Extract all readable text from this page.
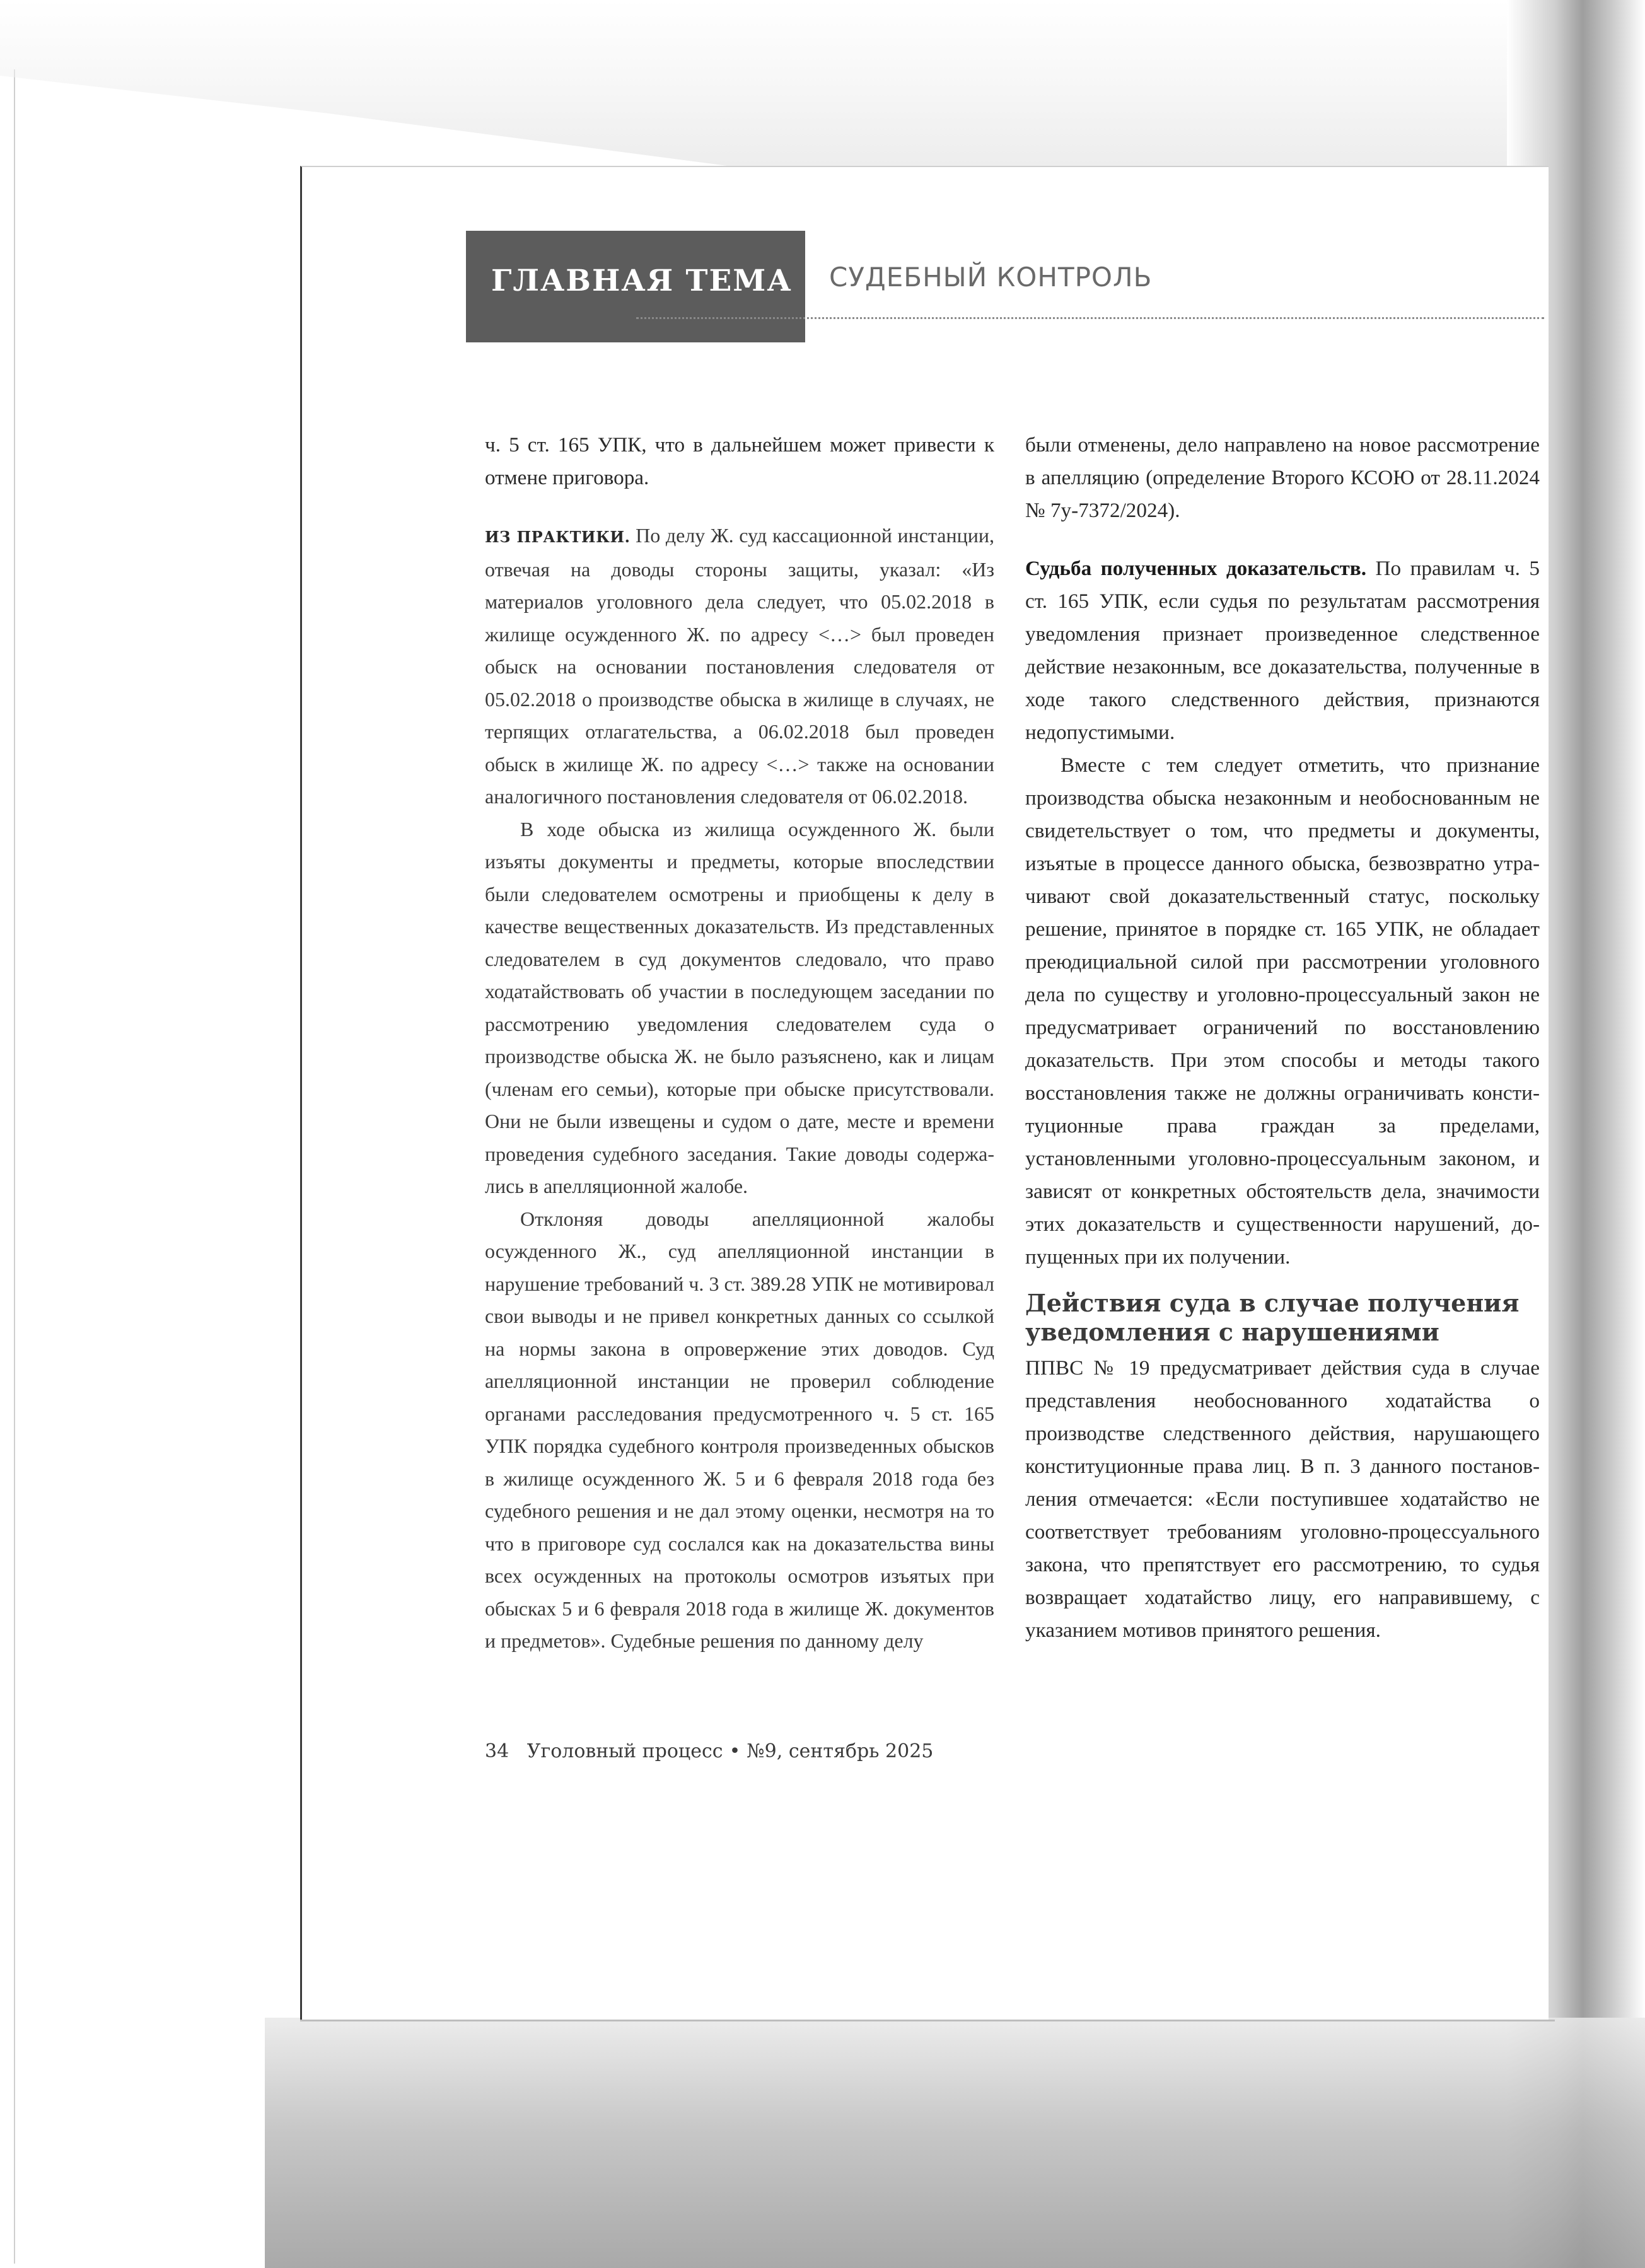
ГЛАВНАЯ ТЕМА СУДЕБНЫЙ КОНТРОЛЬ

ч. 5 ст. 165 УПК, что в дальнейшем может привести к отмене приговора.

ИЗ ПРАКТИКИ. По делу Ж. суд кассационной инстанции, отвечая на доводы стороны защиты, указал: «Из материалов уголовного дела следует, что 05.02.2018 в жилище осужденного Ж. по адресу <…> был проведен обыск на основании постановления следователя от 05.02.2018 о производстве обыска в жилище в случаях, не терпящих отлагательства, а 06.02.2018 был проведен обыск в жилище Ж. по адресу <…> также на основании аналогичного постановления следователя от 06.02.2018.

В ходе обыска из жилища осужденного Ж. были изъяты документы и предметы, которые впоследствии были следователем осмотрены и приобщены к делу в качестве вещественных доказательств. Из представленных следователем в суд документов следовало, что право ходатайствовать об участии в последующем заседании по рассмотрению уведомления следователем суда о производстве обыска Ж. не было разъяснено, как и лицам (членам его семьи), которые при обыске присутствовали. Они не были извещены и судом о дате, месте и времени проведения судебного заседания. Такие доводы содержались в апелляционной жалобе.

Отклоняя доводы апелляционной жалобы осужденного Ж., суд апелляционной инстанции в нарушение требований ч. 3 ст. 389.28 УПК не мотивировал свои выводы и не привел конкретных данных со ссылкой на нормы закона в опровержение этих доводов. Суд апелляционной инстанции не проверил соблюдение органами расследования предусмотренного ч. 5 ст. 165 УПК порядка судебного контроля произведенных обысков в жилище осужденного Ж. 5 и 6 февраля 2018 года без судебного решения и не дал этому оценки, несмотря на то что в приговоре суд сослался как на доказательства вины всех осужденных на протоколы осмотров изъятых при обысках 5 и 6 февраля 2018 года в жилище Ж. документов и предметов». Судебные решения по данному делу

были отменены, дело направлено на новое рассмотрение в апелляцию (определение Второго КСОЮ от 28.11.2024 № 7у-7372/2024).

Судьба полученных доказательств. По правилам ч. 5 ст. 165 УПК, если судья по результатам рассмотрения уведомления признает произведенное следственное действие незаконным, все доказательства, полученные в ходе такого следственного действия, признаются недопустимыми.

Вместе с тем следует отметить, что признание производства обыска незаконным и необоснованным не свидетельствует о том, что предметы и документы, изъятые в процессе данного обыска, безвозвратно утрачивают свой доказательственный статус, поскольку решение, принятое в порядке ст. 165 УПК, не обладает преюдициальной силой при рассмотрении уголовного дела по существу и уголовно-процессуальный закон не предусматривает ограничений по восстановлению доказательств. При этом способы и методы такого восстановления также не должны ограничивать конституционные права граждан за пределами, установленными уголовно-процессуальным законом, и зависят от конкретных обстоятельств дела, значимости этих доказательств и существенности нарушений, допущенных при их получении.

Действия суда в случае получения уведомления с нарушениями

ППВС № 19 предусматривает действия суда в случае представления необоснованного ходатайства о производстве следственного действия, нарушающего конституционные права лиц. В п. 3 данного постановления отмечается: «Если поступившее ходатайство не соответствует требованиям уголовно-процессуального закона, что препятствует его рассмотрению, то судья возвращает ходатайство лицу, его направившему, с указанием мотивов принятого решения.

34 Уголовный процесс • №9, сентябрь 2025
